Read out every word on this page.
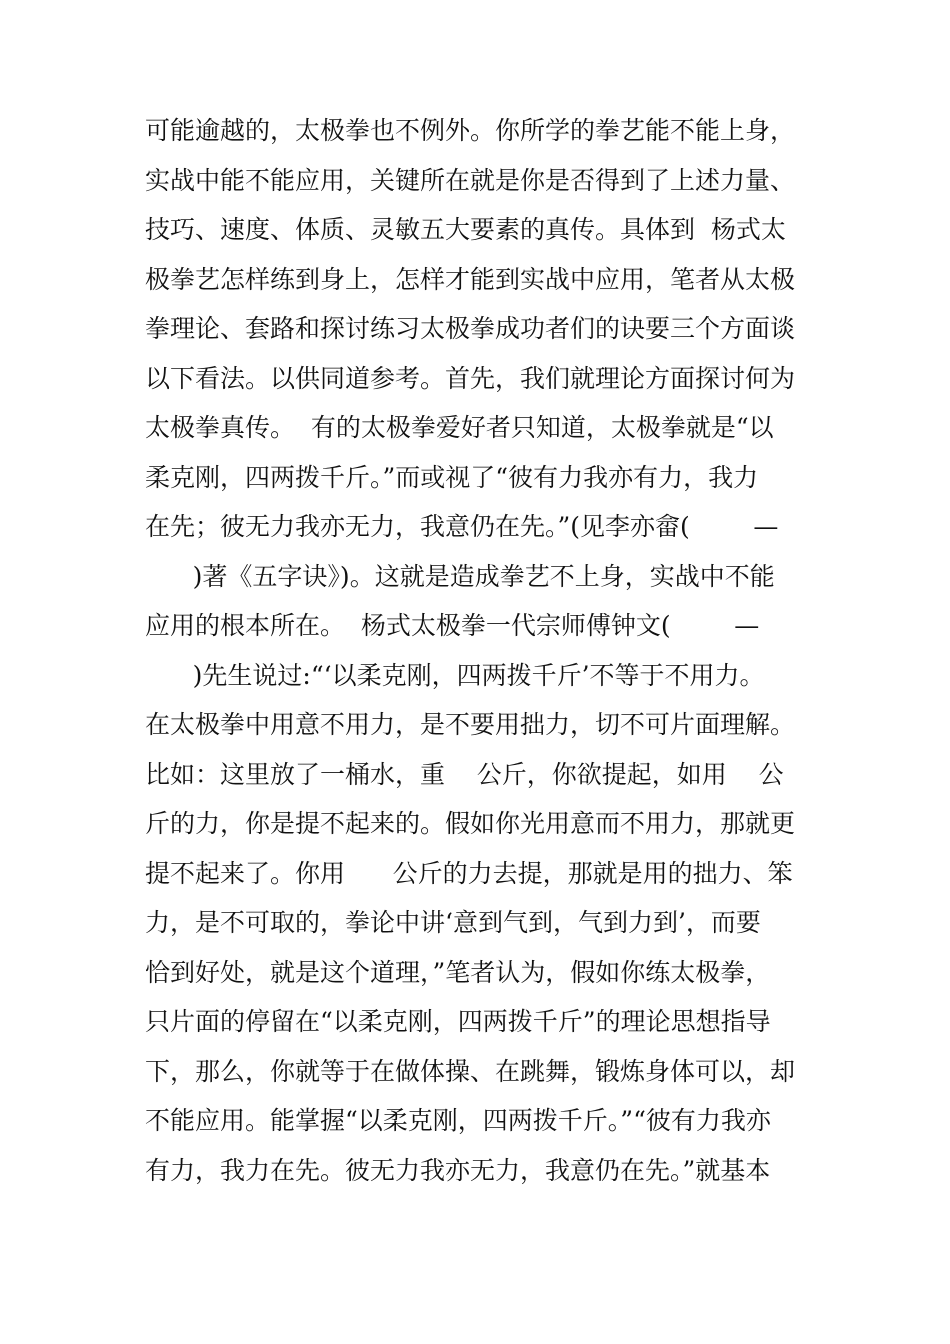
可能逾越的，太极拳也不例外。你所学的拳艺能不能上身，
实战中能不能应用，关键所在就是你是否得到了上述力量、
技巧、速度、体质、灵敏五大要素的真传。具体到  杨式太
极拳艺怎样练到身上，怎样才能到实战中应用，笔者从太极
拳理论、套路和探讨练习太极拳成功者们的诀要三个方面谈
以下看法。以供同道参考。首先，我们就理论方面探讨何为
太极拳真传。  有的太极拳爱好者只知道，太极拳就是“以
柔克刚，四两拨千斤。”而或视了“彼有力我亦有力，我力
在先；彼无力我亦无力，我意仍在先。”(见李亦畲(        —
)著《五字诀》)。这就是造成拳艺不上身，实战中不能
应用的根本所在。  杨式太极拳一代宗师傅钟文(        —
)先生说过:“‘以柔克刚，四两拨千斤’不等于不用力。
在太极拳中用意不用力，是不要用拙力，切不可片面理解。
比如：这里放了一桶水，重    公斤，你欲提起，如用    公
斤的力，你是提不起来的。假如你光用意而不用力，那就更
提不起来了。你用      公斤的力去提，那就是用的拙力、笨
力，是不可取的，拳论中讲‘意到气到，气到力到’，而要
恰到好处，就是这个道理，”笔者认为，假如你练太极拳，
只片面的停留在“以柔克刚，四两拨千斤”的理论思想指导
下，那么，你就等于在做体操、在跳舞，锻炼身体可以，却
不能应用。能掌握“以柔克刚，四两拨千斤。”“彼有力我亦
有力，我力在先。彼无力我亦无力，我意仍在先。”就基本
